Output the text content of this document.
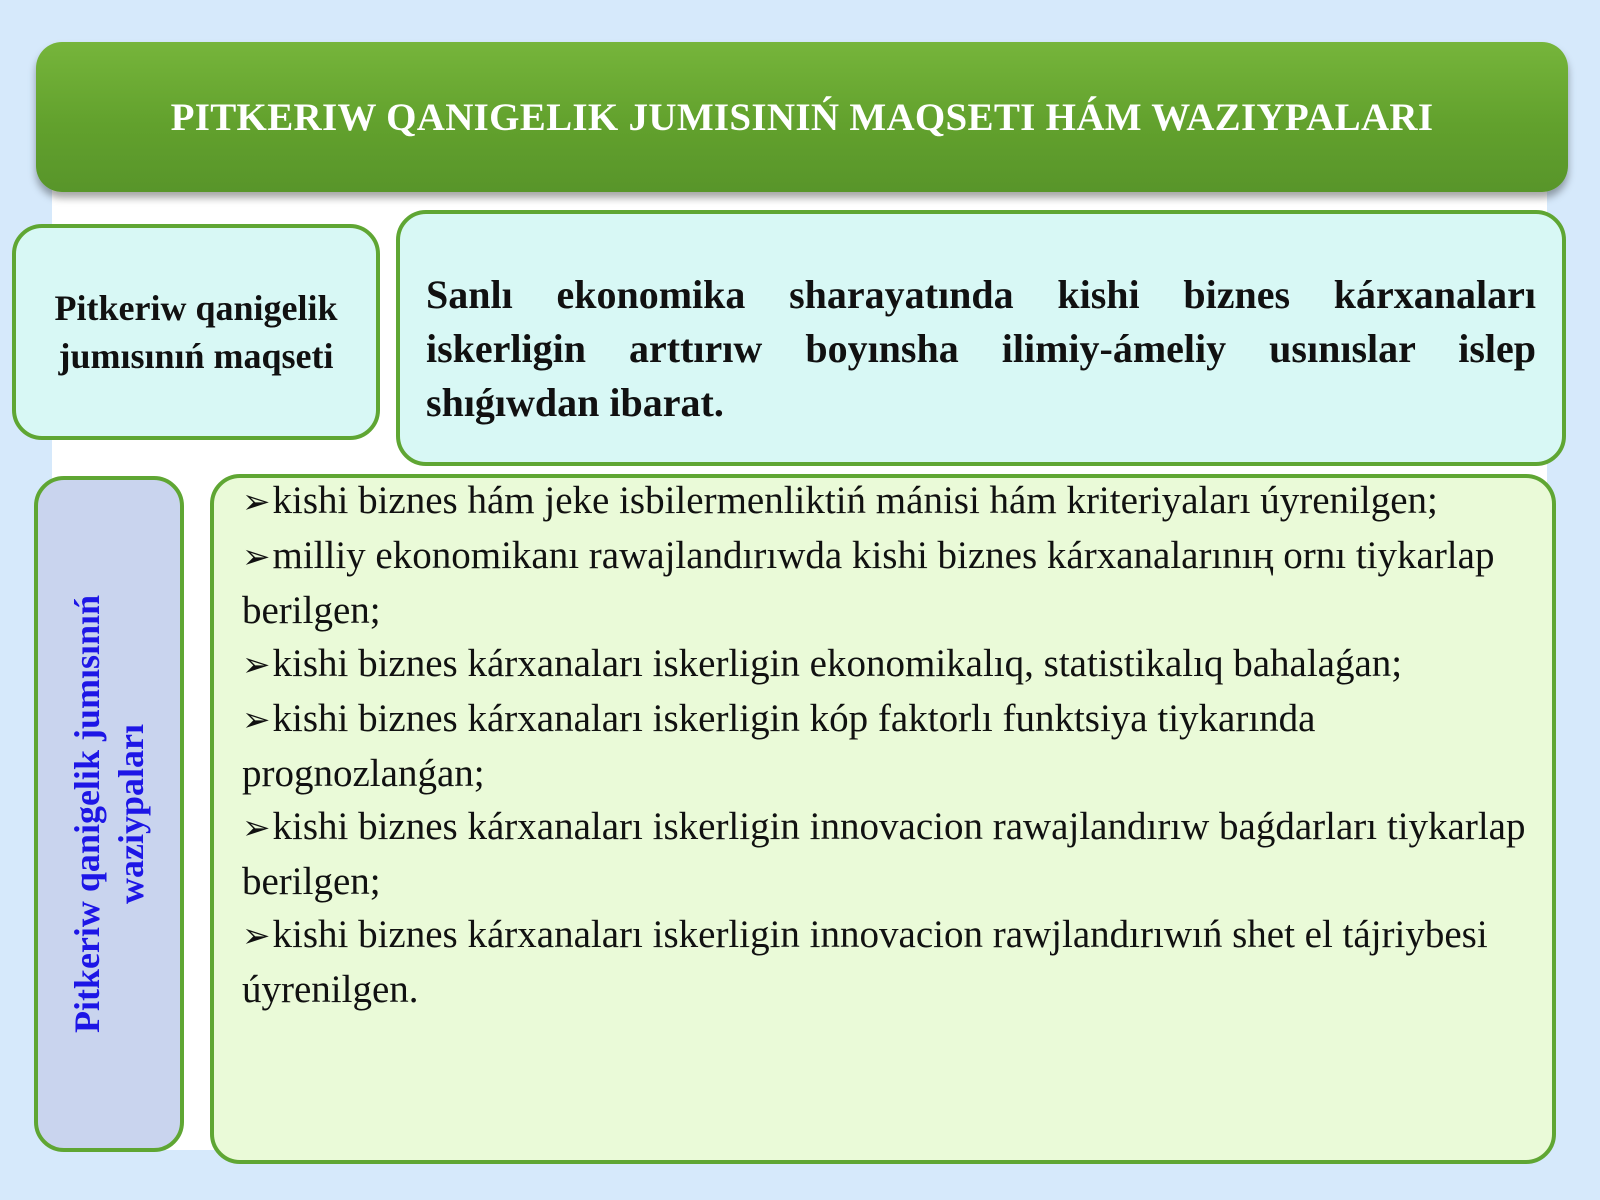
PITKERIW QANIGELIK JUMISINIŃ MAQSETI HÁM WAZIYPALARI
Pitkeriw qanigelik jumısınıń maqseti
Sanlı ekonomika sharayatında kishi biznes kárxanaları iskerligin arttırıw boyınsha ilimiy-ámeliy usınıslar islep shıǵıwdan ibarat.
Pitkeriw qanigelik jumısınıń waziypaları
➢kishi biznes hám jeke isbilermenliktiń mánisi hám kriteriyaları úyrenilgen;
➢milliy ekonomikanı rawajlandırıwda kishi biznes kárxanalarınıң ornı tiykarlap berilgen;
➢kishi biznes kárxanaları iskerligin ekonomikalıq, statistikalıq bahalaǵan;
➢kishi biznes kárxanaları iskerligin kóp faktorlı funktsiya tiykarında prognozlanǵan;
➢kishi biznes kárxanaları iskerligin innovacion rawajlandırıw baǵdarları tiykarlap berilgen;
➢kishi biznes kárxanaları iskerligin innovacion rawjlandırıwıń shet el tájriybesi úyrenilgen.
